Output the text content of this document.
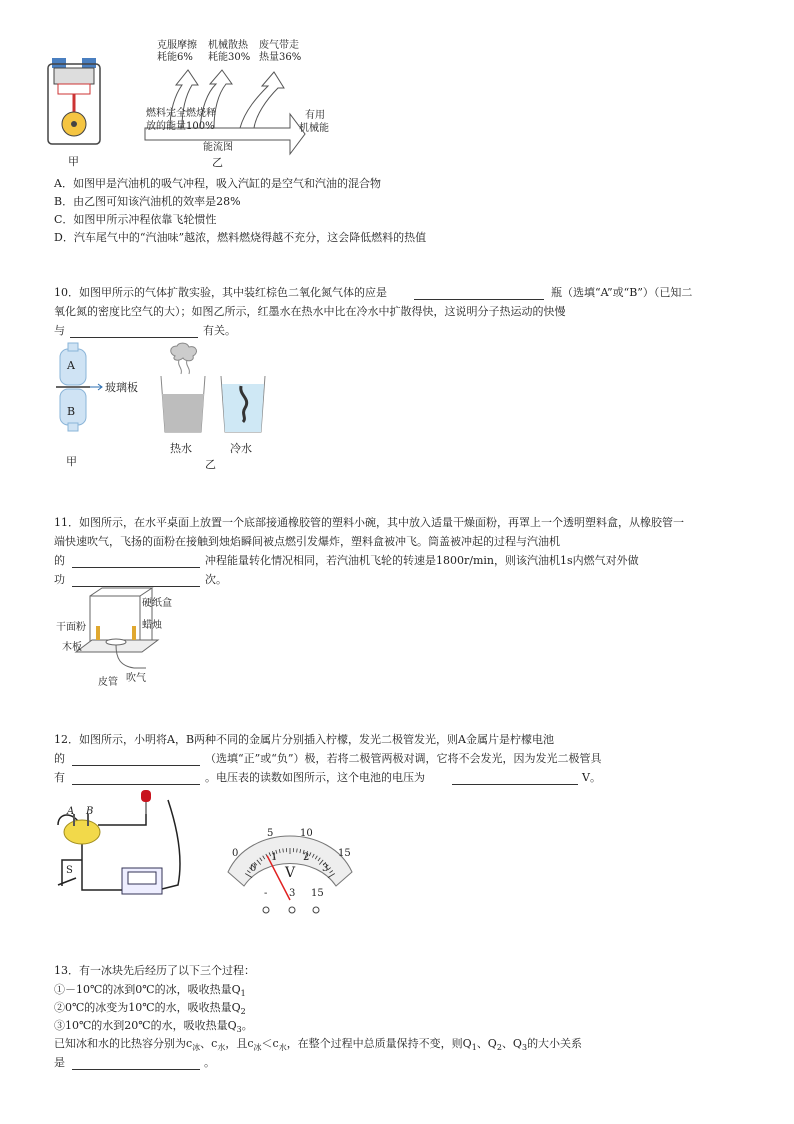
甲
克服摩擦
耗能6%
机械散热
耗能30%
废气带走
热量36%
燃料完全燃烧释
放的能量100%
有用
机械能
能流图
乙
A．如图甲是汽油机的吸气冲程，吸入汽缸的是空气和汽油的混合物
B．由乙图可知该汽油机的效率是28%
C．如图甲所示冲程依靠飞轮惯性
D．汽车尾气中的“汽油味”越浓，燃料燃烧得越不充分，这会降低燃料的热值
10．如图甲所示的气体扩散实验，其中装红棕色二氧化氮气体的应是	瓶（选填“A”或“B”）（已知二
氧化氮的密度比空气的大）；如图乙所示，红墨水在热水中比在冷水中扩散得快，这说明分子热运动的快慢
与	有关。
A
B
玻璃板
甲
热水	冷水
乙
11．如图所示，在水平桌面上放置一个底部接通橡胶管的塑料小碗，其中放入适量干燥面粉，再罩上一个透明塑料盒，从橡胶管一
端快速吹气，飞扬的面粉在接触到烛焰瞬间被点燃引发爆炸，塑料盒被冲飞。筒盖被冲起的过程与汽油机
的	冲程能量转化情况相同，若汽油机飞轮的转速是1800r/min，则该汽油机1s内燃气对外做
功	次。
硬纸盒
蜡烛
干面粉
木板
皮管 吹气
12．如图所示，小明将A，B两种不同的金属片分别插入柠檬，发光二极管发光，则A金属片是柠檬电池
的	（选填“正”或“负”）极，若将二极管两极对调，它将不会发光，因为发光二极管具
有	。电压表的读数如图所示，这个电池的电压为	V。
A B
S
0
5	10
15
0
1	2
3
V
- 3 15
13．有一冰块先后经历了以下三个过程：
①－10℃的冰到0℃的冰，吸收热量$Q_1$
②0℃的冰变为10℃的水，吸收热量$Q_2$
③10℃的水到20℃的水，吸收热量$Q_3$。
已知冰和水的比热容分别为$c_冰$、$c_水$，且$c_冰<c_水$，在整个过程中总质量保持不变，则$Q_1$、$Q_2$、$Q_3$的大小关系
是	。
